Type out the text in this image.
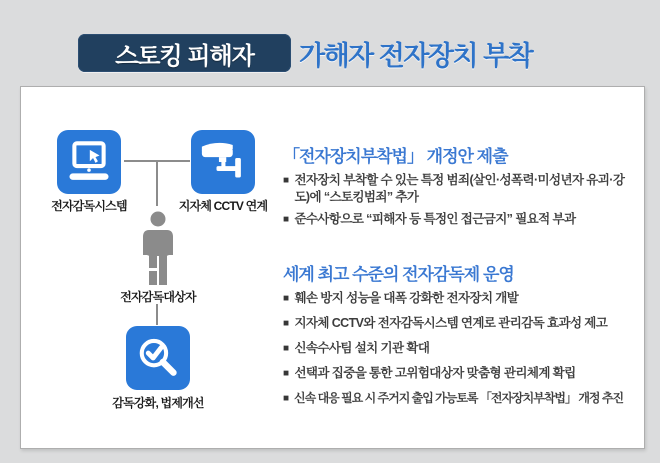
스토킹 피해자 가해자 전자장치 부착
전자감독시스템	지자체 CCTV 연계
전자감독대상자
감독강화, 법제개선
「전자장치부착법」 개정안 제출
■ 전자장치 부착할 수 있는 특정 범죄(살인·성폭력·미성년자 유괴·강도)에 “스토킹범죄” 추가
■ 준수사항으로 “피해자 등 특정인 접근금지” 필요적 부과
세계 최고 수준의 전자감독제 운영
■ 훼손 방지 성능을 대폭 강화한 전자장치 개발
■ 지자체 CCTV와 전자감독시스템 연계로 관리감독 효과성 제고
■ 신속수사팀 설치 기관 확대
■ 선택과 집중을 통한 고위험대상자 맞춤형 관리체계 확립
■ 신속 대응 필요 시 주거지 출입 가능토록 「전자장치부착법」 개정 추진
